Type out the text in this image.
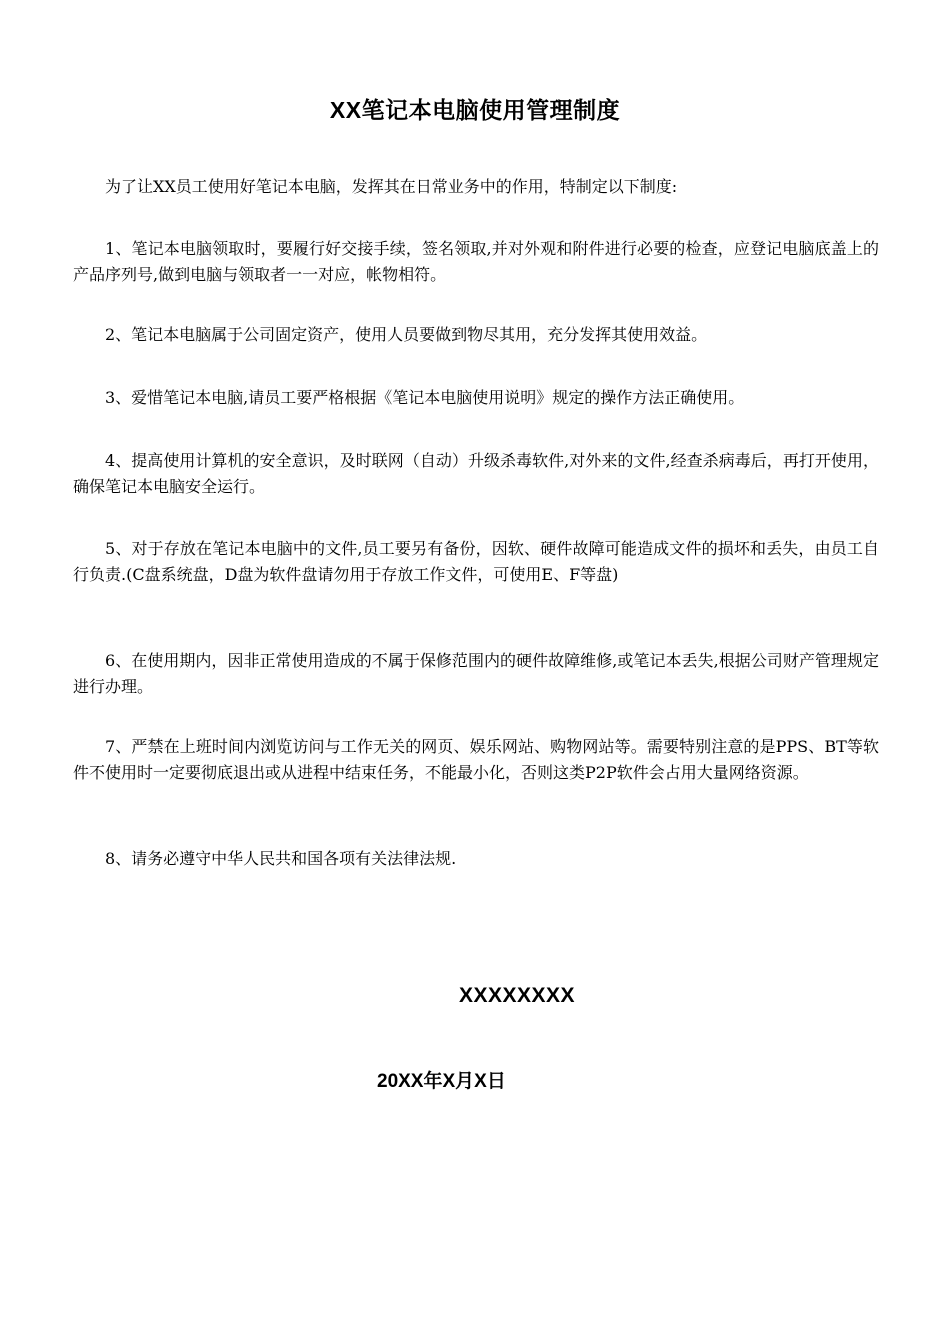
XX笔记本电脑使用管理制度

为了让XX员工使用好笔记本电脑，发挥其在日常业务中的作用，特制定以下制度:

1、笔记本电脑领取时，要履行好交接手续，签名领取,并对外观和附件进行必要的检查，应登记电脑底盖上的产品序列号,做到电脑与领取者一一对应，帐物相符。

2、笔记本电脑属于公司固定资产，使用人员要做到物尽其用，充分发挥其使用效益。

3、爱惜笔记本电脑,请员工要严格根据《笔记本电脑使用说明》规定的操作方法正确使用。

4、提高使用计算机的安全意识，及时联网（自动）升级杀毒软件,对外来的文件,经查杀病毒后，再打开使用，确保笔记本电脑安全运行。

5、对于存放在笔记本电脑中的文件,员工要另有备份，因软、硬件故障可能造成文件的损坏和丢失，由员工自行负责.(C盘系统盘，D盘为软件盘请勿用于存放工作文件，可使用E、F等盘)

6、在使用期内，因非正常使用造成的不属于保修范围内的硬件故障维修,或笔记本丢失,根据公司财产管理规定进行办理。

7、严禁在上班时间内浏览访问与工作无关的网页、娱乐网站、购物网站等。需要特别注意的是PPS、BT等软件不使用时一定要彻底退出或从进程中结束任务，不能最小化，否则这类P2P软件会占用大量网络资源。

8、请务必遵守中华人民共和国各项有关法律法规.

XXXXXXXX
20XX年X月X日
